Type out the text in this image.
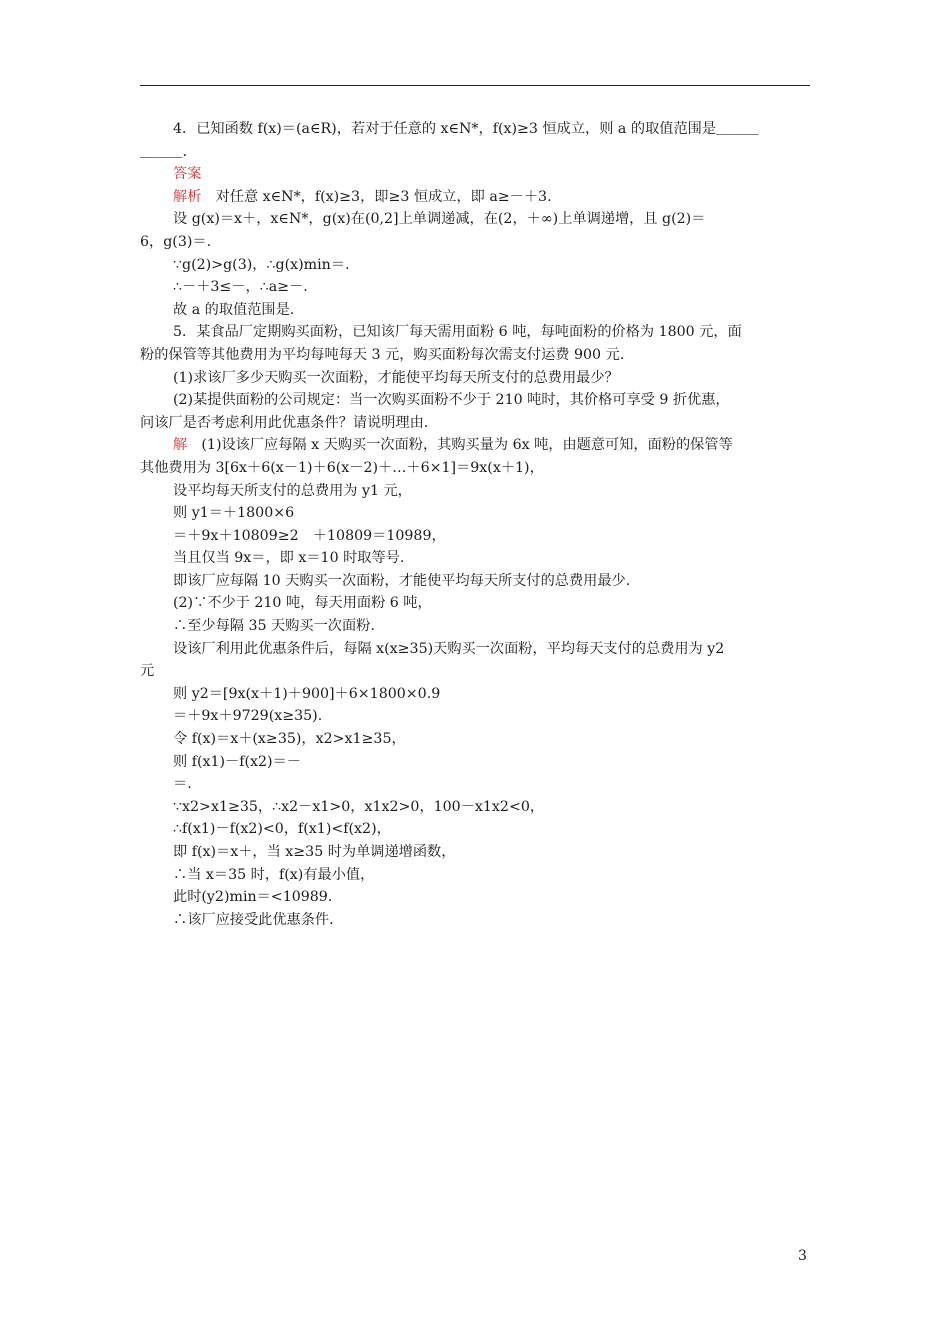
4．已知函数 f(x)＝(a∈R)，若对于任意的 x∈N*，f(x)≥3 恒成立，则 a 的取值范围是＿＿＿
＿＿＿．
答案
解析　对任意 x∈N*，f(x)≥3，即≥3 恒成立，即 a≥－＋3.
设 g(x)＝x＋，x∈N*，g(x)在(0,2]上单调递减，在(2，＋∞)上单调递增，且 g(2)＝
6，g(3)＝.
∵g(2)>g(3)，∴g(x)min＝.
∴－＋3≤－，∴a≥－.
故 a 的取值范围是.
5．某食品厂定期购买面粉，已知该厂每天需用面粉 6 吨，每吨面粉的价格为 1800 元，面
粉的保管等其他费用为平均每吨每天 3 元，购买面粉每次需支付运费 900 元.
(1)求该厂多少天购买一次面粉，才能使平均每天所支付的总费用最少？
(2)某提供面粉的公司规定：当一次购买面粉不少于 210 吨时，其价格可享受 9 折优惠，
问该厂是否考虑利用此优惠条件？请说明理由.
解　(1)设该厂应每隔 x 天购买一次面粉，其购买量为 6x 吨，由题意可知，面粉的保管等
其他费用为 3[6x＋6(x－1)＋6(x－2)＋…＋6×1]＝9x(x＋1)，
设平均每天所支付的总费用为 y1 元，
则 y1＝＋1800×6
＝＋9x＋10809≥2　＋10809＝10989，
当且仅当 9x＝，即 x＝10 时取等号.
即该厂应每隔 10 天购买一次面粉，才能使平均每天所支付的总费用最少.
(2)∵不少于 210 吨，每天用面粉 6 吨，
∴至少每隔 35 天购买一次面粉.
设该厂利用此优惠条件后，每隔 x(x≥35)天购买一次面粉，平均每天支付的总费用为 y2
元
则 y2＝[9x(x＋1)＋900]＋6×1800×0.9
＝＋9x＋9729(x≥35).
令 f(x)＝x＋(x≥35)，x2>x1≥35，
则 f(x1)－f(x2)＝－
＝.
∵x2>x1≥35，∴x2－x1>0，x1x2>0，100－x1x2<0，
∴f(x1)－f(x2)<0，f(x1)<f(x2)，
即 f(x)＝x＋，当 x≥35 时为单调递增函数，
∴当 x＝35 时，f(x)有最小值，
此时(y2)min＝<10989.
∴该厂应接受此优惠条件.
3
